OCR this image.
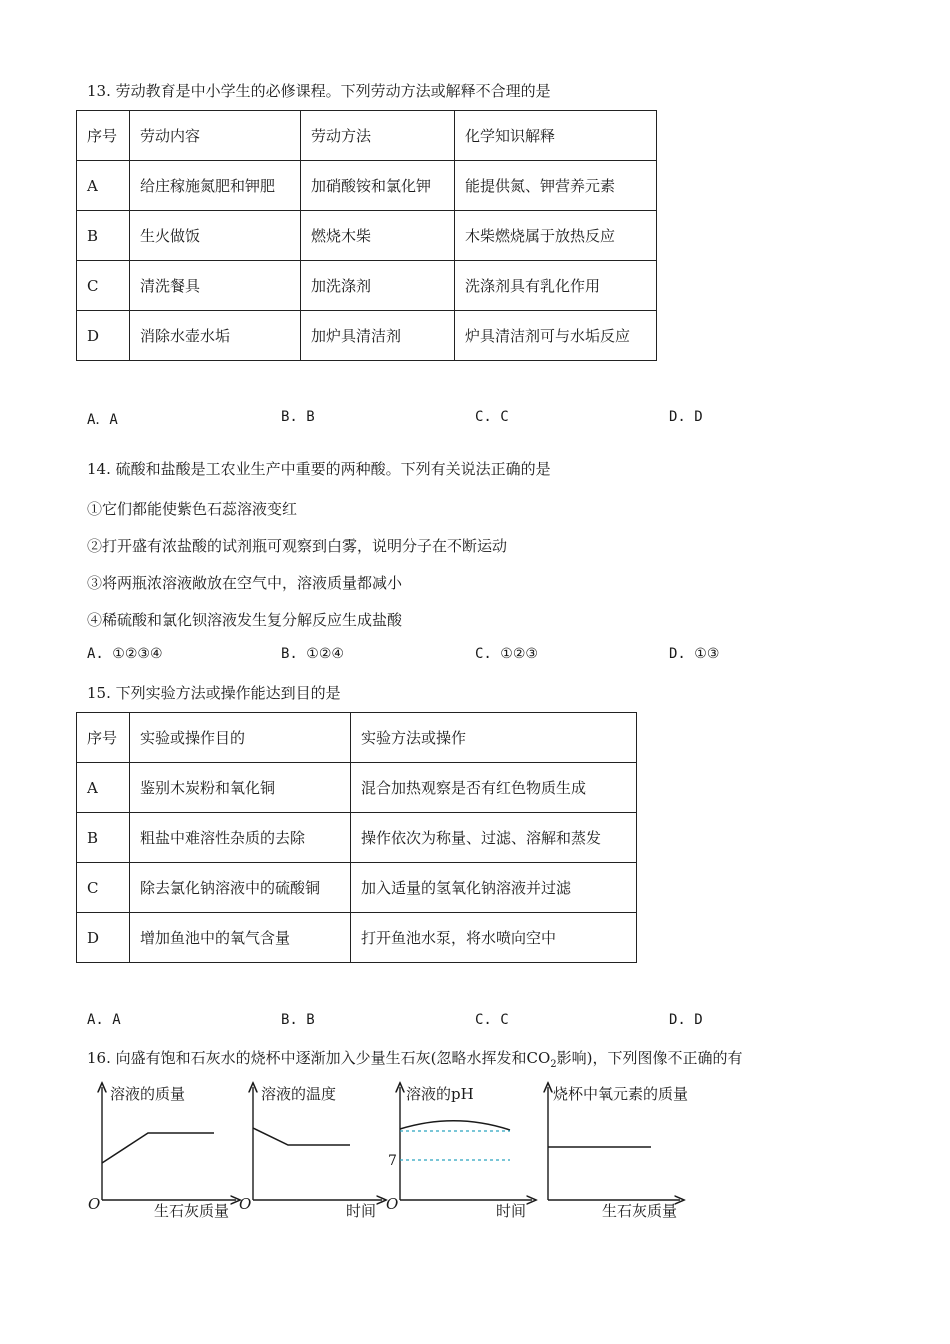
13. 劳动教育是中小学生的必修课程。下列劳动方法或解释不合理的是
序号	劳动内容	劳动方法	化学知识解释
A	给庄稼施氮肥和钾肥	加硝酸铵和氯化钾	能提供氮、钾营养元素
B	生火做饭	燃烧木柴	木柴燃烧属于放热反应
C	清洗餐具	加洗涤剂	洗涤剂具有乳化作用
D	消除水壶水垢	加炉具清洁剂	炉具清洁剂可与水垢反应
A．A	B. B	C. C	D. D
14. 硫酸和盐酸是工农业生产中重要的两种酸。下列有关说法正确的是
①它们都能使紫色石蕊溶液变红
②打开盛有浓盐酸的试剂瓶可观察到白雾，说明分子在不断运动
③将两瓶浓溶液敞放在空气中，溶液质量都减小
④稀硫酸和氯化钡溶液发生复分解反应生成盐酸
A. ①②③④	B. ①②④	C. ①②③	D. ①③
15. 下列实验方法或操作能达到目的是
序号	实验或操作目的	实验方法或操作
A	鉴别木炭粉和氧化铜	混合加热观察是否有红色物质生成
B	粗盐中难溶性杂质的去除	操作依次为称量、过滤、溶解和蒸发
C	除去氯化钠溶液中的硫酸铜	加入适量的氢氧化钠溶液并过滤
D	增加鱼池中的氧气含量	打开鱼池水泵，将水喷向空中
A. A	B. B	C. C	D. D
16. 向盛有饱和石灰水的烧杯中逐渐加入少量生石灰(忽略水挥发和$CO_2$影响)，下列图像不正确的有
溶液的质量
生石灰质量
O
溶液的温度
时间
O
7
溶液的pH
时间
O
烧杯中氧元素的质量
生石灰质量
